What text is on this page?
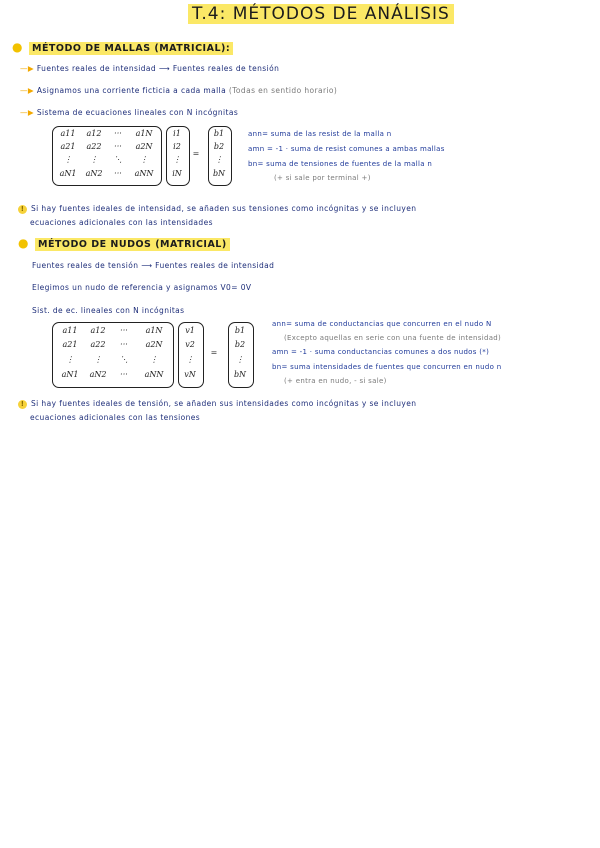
T.4: MÉTODOS DE ANÁLISIS
● MÉTODO DE MALLAS (MATRICIAL):
—▶ Fuentes reales de intensidad ⟶ Fuentes reales de tensión
—▶ Asignamos una corriente ficticia a cada malla (Todas en sentido horario)
—▶ Sistema de ecuaciones lineales con N incógnitas
a11	a12	···	a1N
a21	a22	···	a2N
⋮	⋮	⋱	⋮
aN1	aN2	···	aNN
i1
i2
⋮
iN
=
b1
b2
⋮
bN
ann= suma de las resist de la malla n
amn = -1 · suma de resist comunes a ambas mallas
bn= suma de tensiones de fuentes de la malla n
(+ si sale por terminal +)
! Si hay fuentes ideales de intensidad, se añaden sus tensiones como incógnitas y se incluyen
ecuaciones adicionales con las intensidades
● MÉTODO DE NUDOS (MATRICIAL)
Fuentes reales de tensión ⟶ Fuentes reales de intensidad
Elegimos un nudo de referencia y asignamos V0= 0V
Sist. de ec. lineales con N incógnitas
a11	a12	···	a1N
a21	a22	···	a2N
⋮	⋮	⋱	⋮
aN1	aN2	···	aNN
v1
v2
⋮
vN
=
b1
b2
⋮
bN
ann= suma de conductancias que concurren en el nudo N
(Excepto aquellas en serie con una fuente de intensidad)
amn = -1 · suma conductancias comunes a dos nudos (*)
bn= suma intensidades de fuentes que concurren en nudo n
(+ entra en nudo, - si sale)
! Si hay fuentes ideales de tensión, se añaden sus intensidades como incógnitas y se incluyen
ecuaciones adicionales con las tensiones
